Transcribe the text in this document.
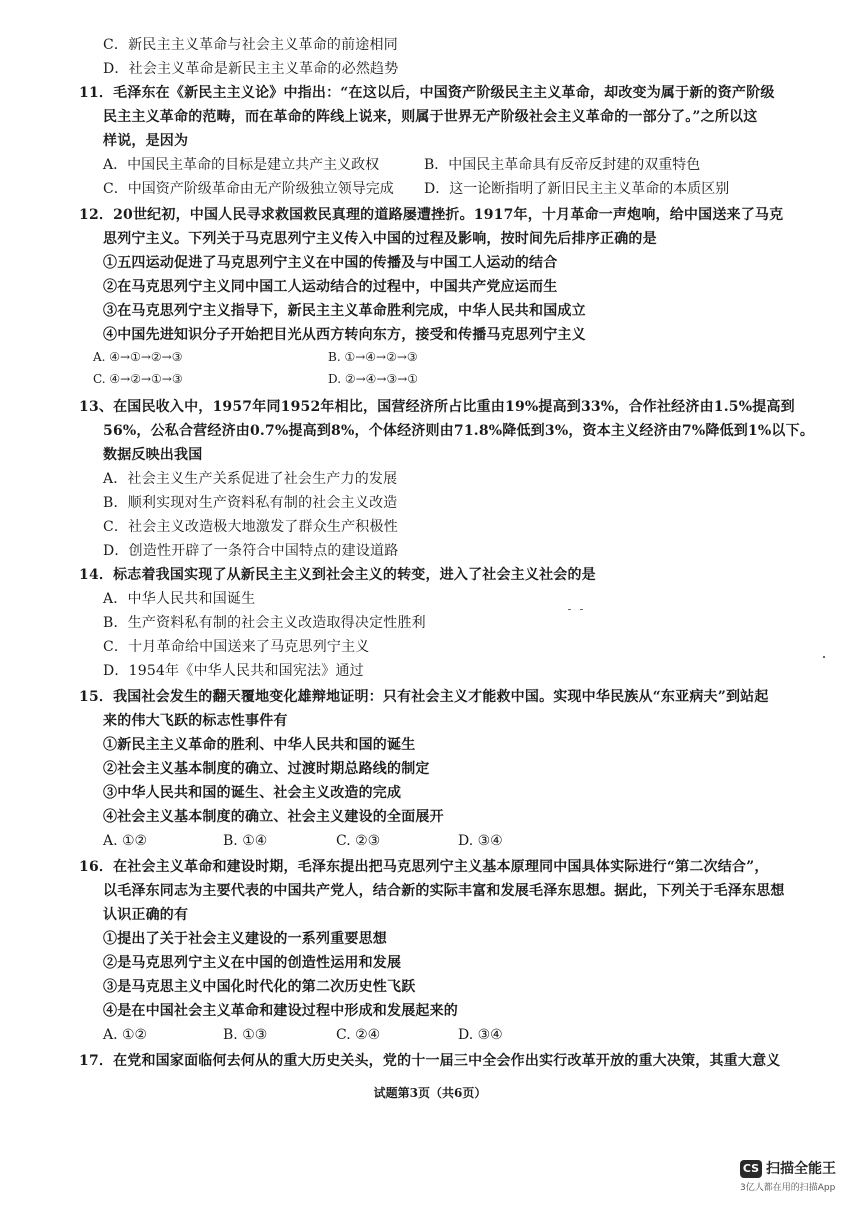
C．新民主主义革命与社会主义革命的前途相同
D．社会主义革命是新民主主义革命的必然趋势
11．毛泽东在《新民主主义论》中指出：“在这以后，中国资产阶级民主主义革命，却改变为属于新的资产阶级
民主主义革命的范畴，而在革命的阵线上说来，则属于世界无产阶级社会主义革命的一部分了。”之所以这
样说，是因为
A．中国民主革命的目标是建立共产主义政权	B．中国民主革命具有反帝反封建的双重特色
C．中国资产阶级革命由无产阶级独立领导完成 D．这一论断指明了新旧民主主义革命的本质区别
12．20世纪初，中国人民寻求救国救民真理的道路屡遭挫折。1917年，十月革命一声炮响，给中国送来了马克
思列宁主义。下列关于马克思列宁主义传入中国的过程及影响，按时间先后排序正确的是
①五四运动促进了马克思列宁主义在中国的传播及与中国工人运动的结合
②在马克思列宁主义同中国工人运动结合的过程中，中国共产党应运而生
③在马克思列宁主义指导下，新民主主义革命胜利完成，中华人民共和国成立
④中国先进知识分子开始把目光从西方转向东方，接受和传播马克思列宁主义
A. ④→①→②→③	B. ①→④→②→③
C. ④→②→①→③	D. ②→④→③→①
13、在国民收入中，1957年同1952年相比，国营经济所占比重由19%提高到33%，合作社经济由1.5%提高到
56%，公私合营经济由0.7%提高到8%，个体经济则由71.8%降低到3%，资本主义经济由7%降低到1%以下。
数据反映出我国
A．社会主义生产关系促进了社会生产力的发展
B．顺利实现对生产资料私有制的社会主义改造
C．社会主义改造极大地激发了群众生产积极性
D．创造性开辟了一条符合中国特点的建设道路
14．标志着我国实现了从新民主主义到社会主义的转变，进入了社会主义社会的是
A．中华人民共和国诞生
B．生产资料私有制的社会主义改造取得决定性胜利
C．十月革命给中国送来了马克思列宁主义
D．1954年《中华人民共和国宪法》通过
15．我国社会发生的翻天覆地变化雄辩地证明：只有社会主义才能救中国。实现中华民族从“东亚病夫”到站起
来的伟大飞跃的标志性事件有
①新民主主义革命的胜利、中华人民共和国的诞生
②社会主义基本制度的确立、过渡时期总路线的制定
③中华人民共和国的诞生、社会主义改造的完成
④社会主义基本制度的确立、社会主义建设的全面展开
A. ①②	B. ①④	C. ②③	D. ③④
16．在社会主义革命和建设时期，毛泽东提出把马克思列宁主义基本原理同中国具体实际进行“第二次结合”，
以毛泽东同志为主要代表的中国共产党人，结合新的实际丰富和发展毛泽东思想。据此，下列关于毛泽东思想
认识正确的有
①提出了关于社会主义建设的一系列重要思想
②是马克思列宁主义在中国的创造性运用和发展
③是马克思主义中国化时代化的第二次历史性飞跃
④是在中国社会主义革命和建设过程中形成和发展起来的
A. ①②	B. ①③	C. ②④	D. ③④
17．在党和国家面临何去何从的重大历史关头，党的十一届三中全会作出实行改革开放的重大决策，其重大意义
试题第3页（共6页）
CS 扫描全能王
3亿人都在用的扫描App
